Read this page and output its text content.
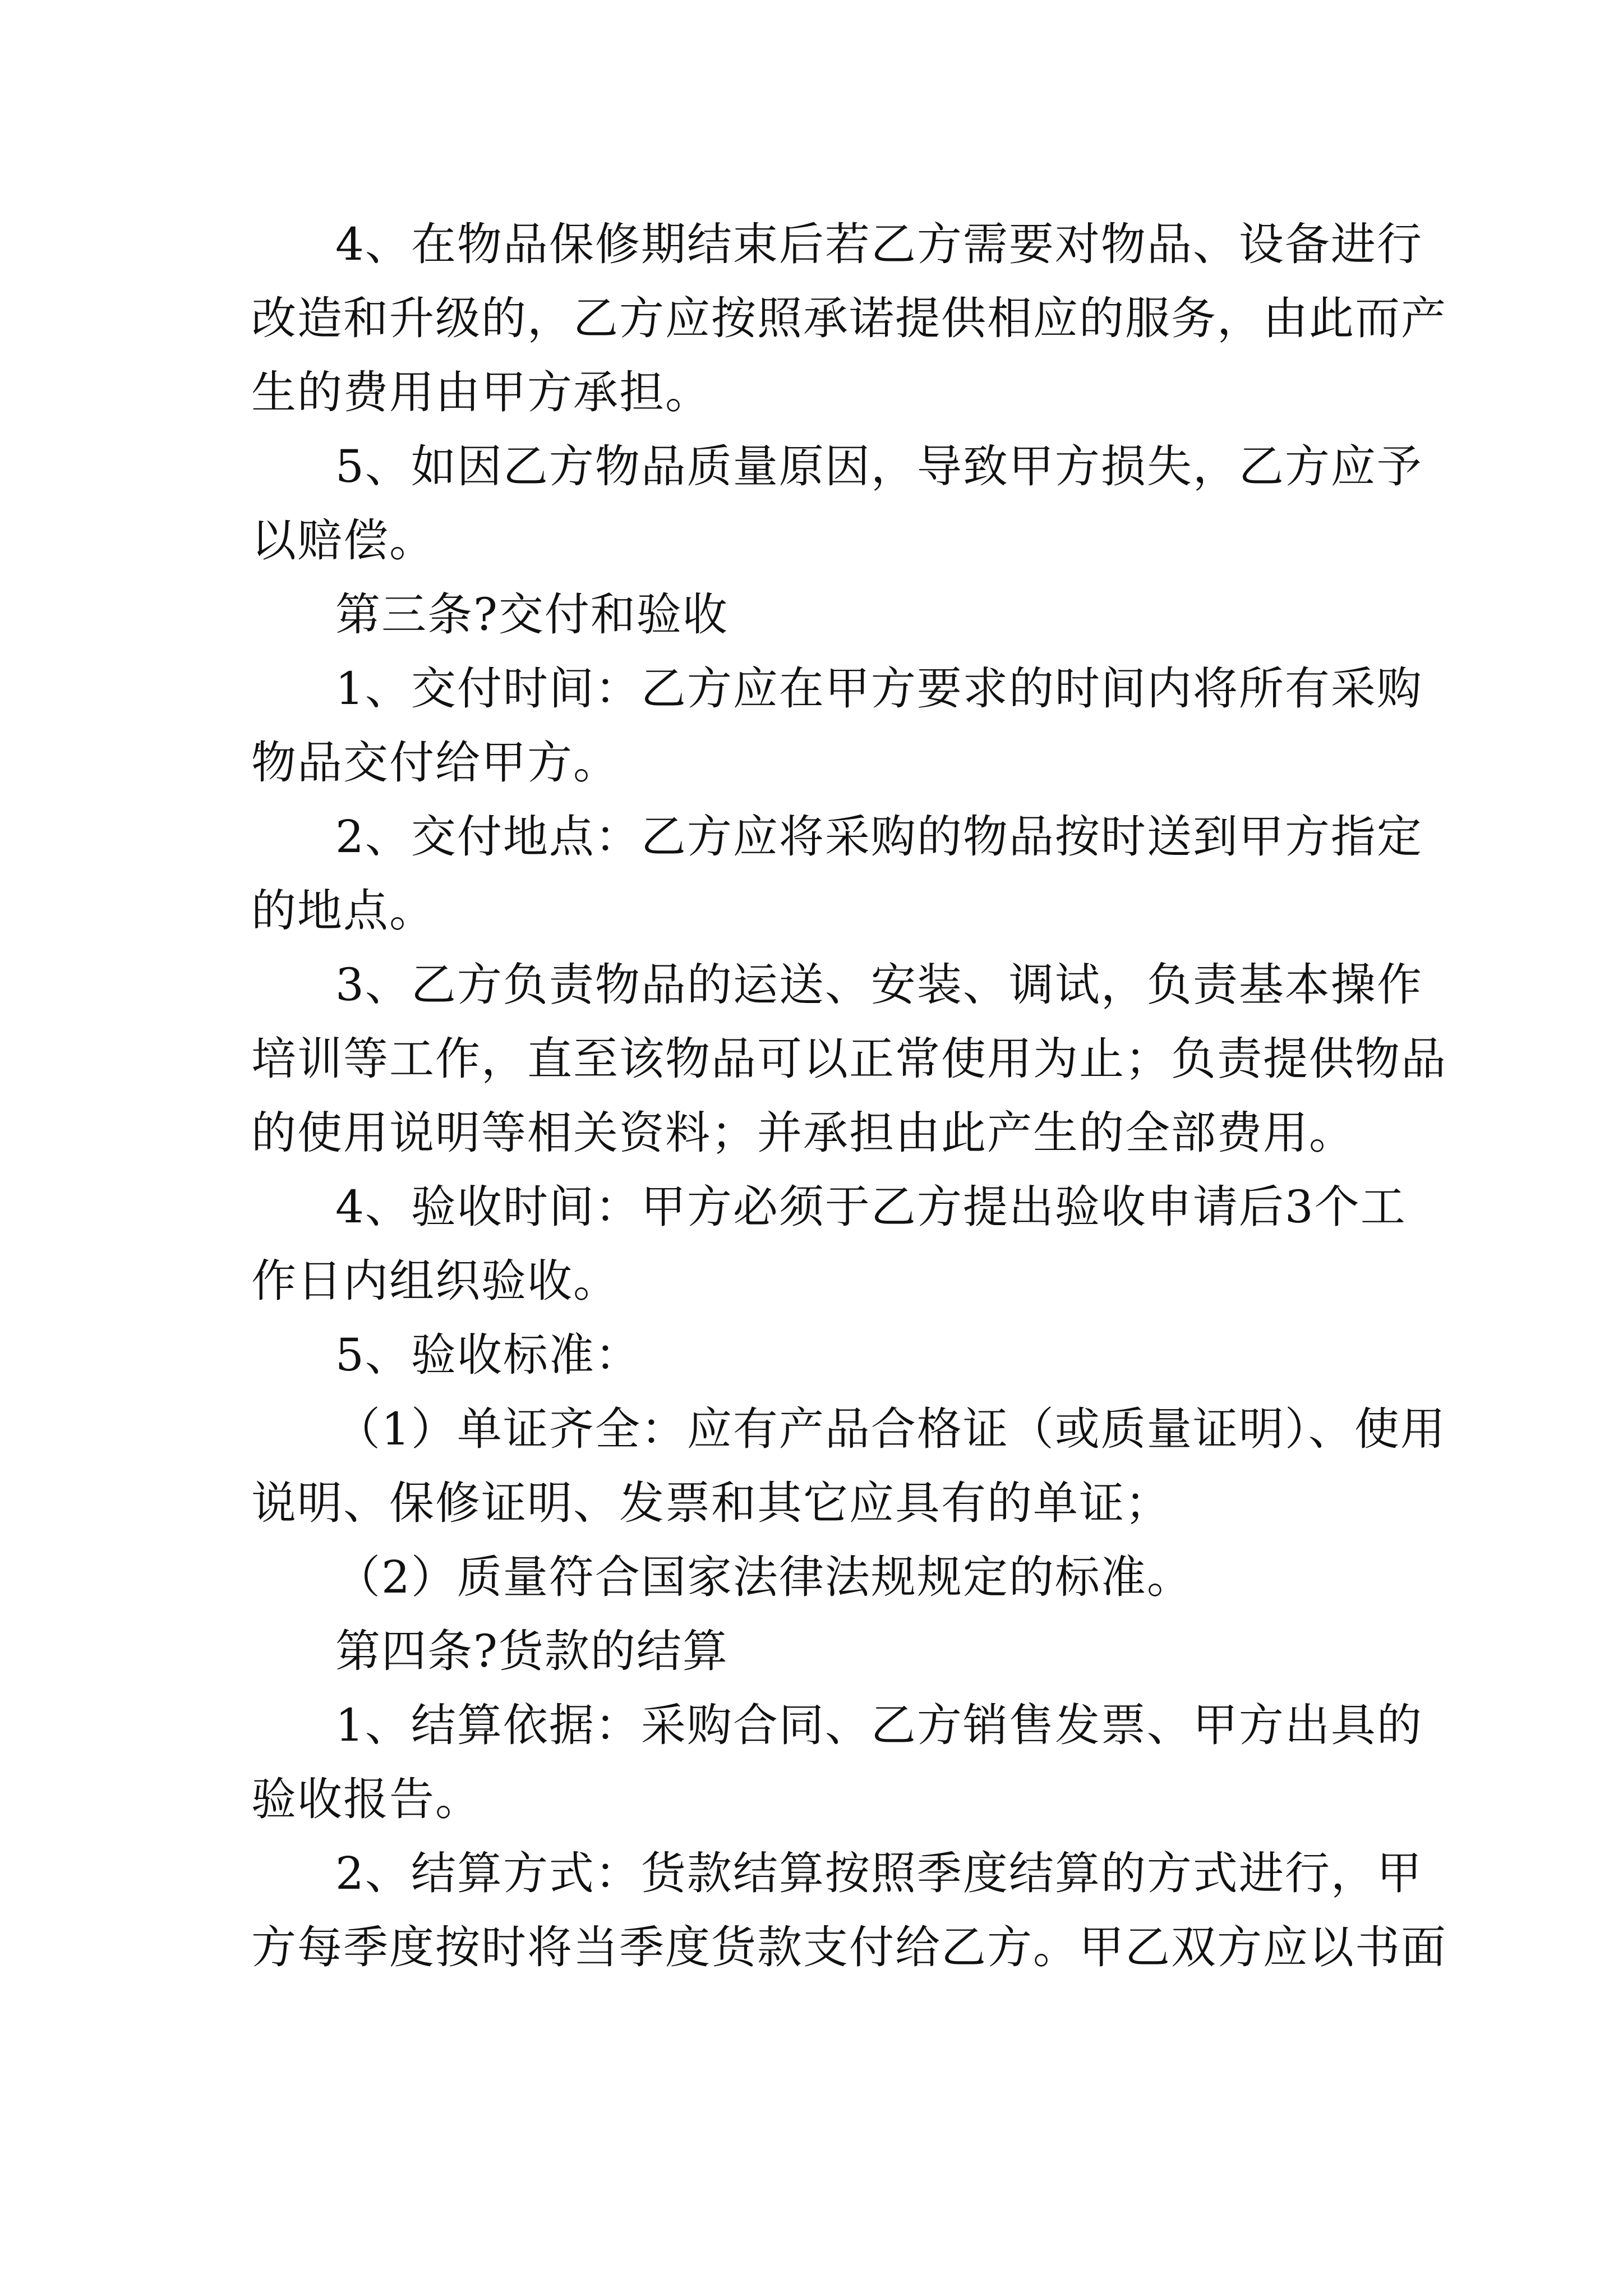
4、在物品保修期结束后若乙方需要对物品、设备进行
改造和升级的，乙方应按照承诺提供相应的服务，由此而产
生的费用由甲方承担。
5、如因乙方物品质量原因，导致甲方损失，乙方应予
以赔偿。
第三条?交付和验收
1、交付时间：乙方应在甲方要求的时间内将所有采购
物品交付给甲方。
2、交付地点：乙方应将采购的物品按时送到甲方指定
的地点。
3、乙方负责物品的运送、安装、调试，负责基本操作
培训等工作，直至该物品可以正常使用为止；负责提供物品
的使用说明等相关资料；并承担由此产生的全部费用。
4、验收时间：甲方必须于乙方提出验收申请后3个工
作日内组织验收。
5、验收标准：
（1）单证齐全：应有产品合格证（或质量证明）、使用
说明、保修证明、发票和其它应具有的单证；
（2）质量符合国家法律法规规定的标准。
第四条?货款的结算
1、结算依据：采购合同、乙方销售发票、甲方出具的
验收报告。
2、结算方式：货款结算按照季度结算的方式进行，甲
方每季度按时将当季度货款支付给乙方。甲乙双方应以书面
